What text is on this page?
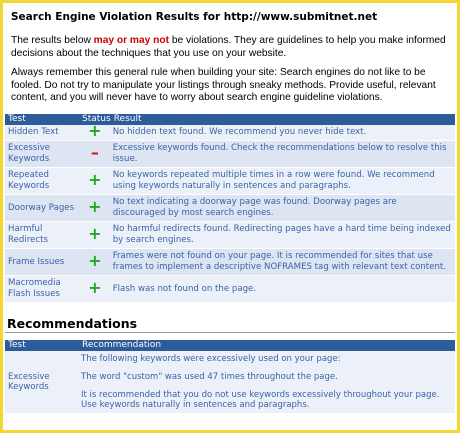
Search Engine Violation Results for http://www.submitnet.net
The results below may or may not be violations. They are guidelines to help you make informed decisions about the techniques that you use on your website.
Always remember this general rule when building your site: Search engines do not like to be fooled. Do not try to manipulate your listings through sneaky methods. Provide useful, relevant content, and you will never have to worry about search engine guideline violations.
Test	Status	Result
Hidden Text	+	No hidden text found. We recommend you never hide text.
Excessive Keywords	–	Excessive keywords found. Check the recommendations below to resolve this issue.
Repeated Keywords	+	No keywords repeated multiple times in a row were found. We recommend using keywords naturally in sentences and paragraphs.
Doorway Pages	+	No text indicating a doorway page was found. Doorway pages are discouraged by most search engines.
Harmful Redirects	+	No harmful redirects found. Redirecting pages have a hard time being indexed by search engines.
Frame Issues	+	Frames were not found on your page. It is recommended for sites that use frames to implement a descriptive NOFRAMES tag with relevant text content.
Macromedia Flash Issues	+	Flash was not found on the page.
Recommendations
Test	Recommendation
Excessive Keywords	The following keywords were excessively used on your page:

The word "custom" was used 47 times throughout the page.

It is recommended that you do not use keywords excessively throughout your page. Use keywords naturally in sentences and paragraphs.
